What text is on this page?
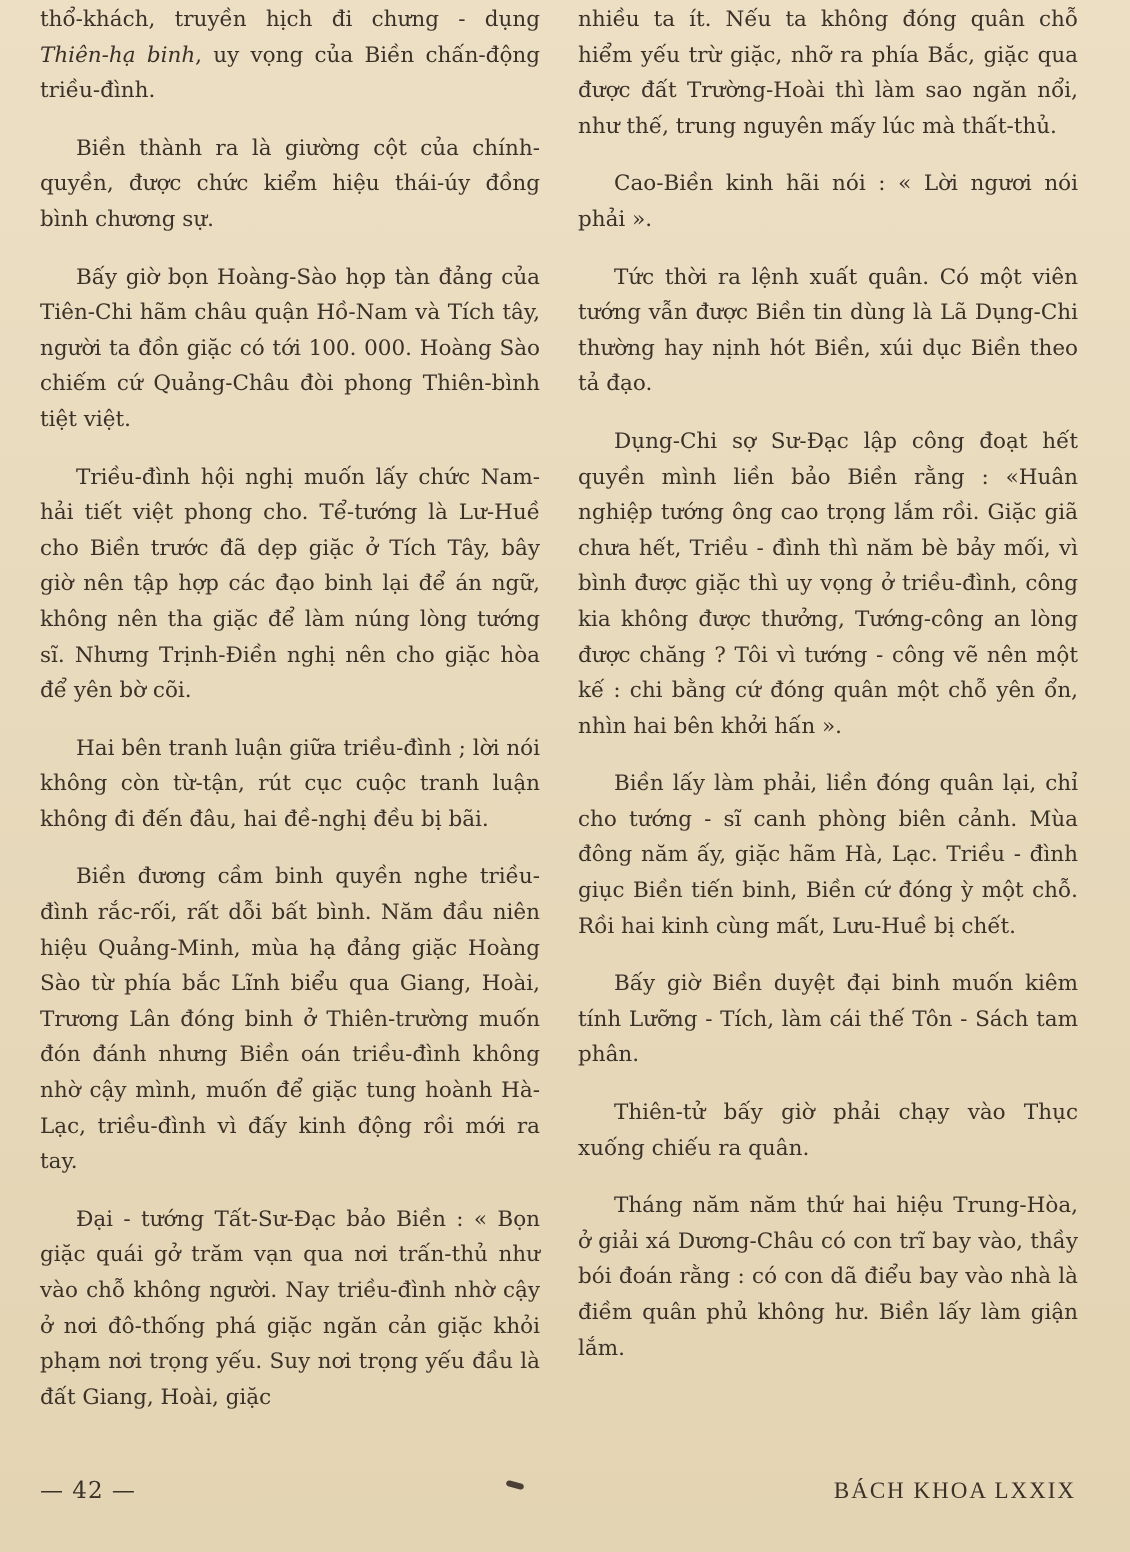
thổ-khách, truyền hịch đi chưng - dụng Thiên-hạ binh, uy vọng của Biền chấn-động triều-đình.

Biền thành ra là giường cột của chính-quyền, được chức kiểm hiệu thái-úy đồng bình chương sự.

Bấy giờ bọn Hoàng-Sào họp tàn đảng của Tiên-Chi hãm châu quận Hồ-Nam và Tích tây, người ta đồn giặc có tới 100. 000. Hoàng Sào chiếm cứ Quảng-Châu đòi phong Thiên-bình tiệt việt.

Triều-đình hội nghị muốn lấy chức Nam-hải tiết việt phong cho. Tể-tướng là Lư-Huề cho Biền trước đã dẹp giặc ở Tích Tây, bây giờ nên tập hợp các đạo binh lại để án ngữ, không nên tha giặc để làm núng lòng tướng sĩ. Nhưng Trịnh-Điền nghị nên cho giặc hòa để yên bờ cõi.

Hai bên tranh luận giữa triều-đình ; lời nói không còn từ-tận, rút cục cuộc tranh luận không đi đến đâu, hai đề-nghị đều bị bãi.

Biền đương cầm binh quyền nghe triều-đình rắc-rối, rất dỗi bất bình. Năm đầu niên hiệu Quảng-Minh, mùa hạ đảng giặc Hoàng Sào từ phía bắc Lĩnh biểu qua Giang, Hoài, Trương Lân đóng binh ở Thiên-trường muốn đón đánh nhưng Biền oán triều-đình không nhờ cậy mình, muốn để giặc tung hoành Hà-Lạc, triều-đình vì đấy kinh động rồi mới ra tay.

Đại - tướng Tất-Sư-Đạc bảo Biền : « Bọn giặc quái gở trăm vạn qua nơi trấn-thủ như vào chỗ không người. Nay triều-đình nhờ cậy ở nơi đô-thống phá giặc ngăn cản giặc khỏi phạm nơi trọng yếu. Suy nơi trọng yếu đầu là đất Giang, Hoài, giặc

nhiều ta ít. Nếu ta không đóng quân chỗ hiểm yếu trừ giặc, nhỡ ra phía Bắc, giặc qua được đất Trường-Hoài thì làm sao ngăn nổi, như thế, trung nguyên mấy lúc mà thất-thủ.

Cao-Biền kinh hãi nói : « Lời ngươi nói phải ».

Tức thời ra lệnh xuất quân. Có một viên tướng vẫn được Biền tin dùng là Lã Dụng-Chi thường hay nịnh hót Biền, xúi dục Biền theo tả đạo.

Dụng-Chi sợ Sư-Đạc lập công đoạt hết quyền mình liền bảo Biền rằng : «Huân nghiệp tướng ông cao trọng lắm rồi. Giặc giã chưa hết, Triều - đình thì năm bè bảy mối, vì bình được giặc thì uy vọng ở triều-đình, công kia không được thưởng, Tướng-công an lòng được chăng ? Tôi vì tướng - công vẽ nên một kế : chi bằng cứ đóng quân một chỗ yên ổn, nhìn hai bên khởi hấn ».

Biền lấy làm phải, liền đóng quân lại, chỉ cho tướng - sĩ canh phòng biên cảnh. Mùa đông năm ấy, giặc hãm Hà, Lạc. Triều - đình giục Biền tiến binh, Biền cứ đóng ỳ một chỗ. Rồi hai kinh cùng mất, Lưu-Huề bị chết.

Bấy giờ Biền duyệt đại binh muốn kiêm tính Lưỡng - Tích, làm cái thế Tôn - Sách tam phân.

Thiên-tử bấy giờ phải chạy vào Thục xuống chiếu ra quân.

Tháng năm năm thứ hai hiệu Trung-Hòa, ở giải xá Dương-Châu có con trĩ bay vào, thầy bói đoán rằng : có con dã điểu bay vào nhà là điềm quân phủ không hư. Biền lấy làm giận lắm.

— 42 —	BÁCH KHOA LXXIX
